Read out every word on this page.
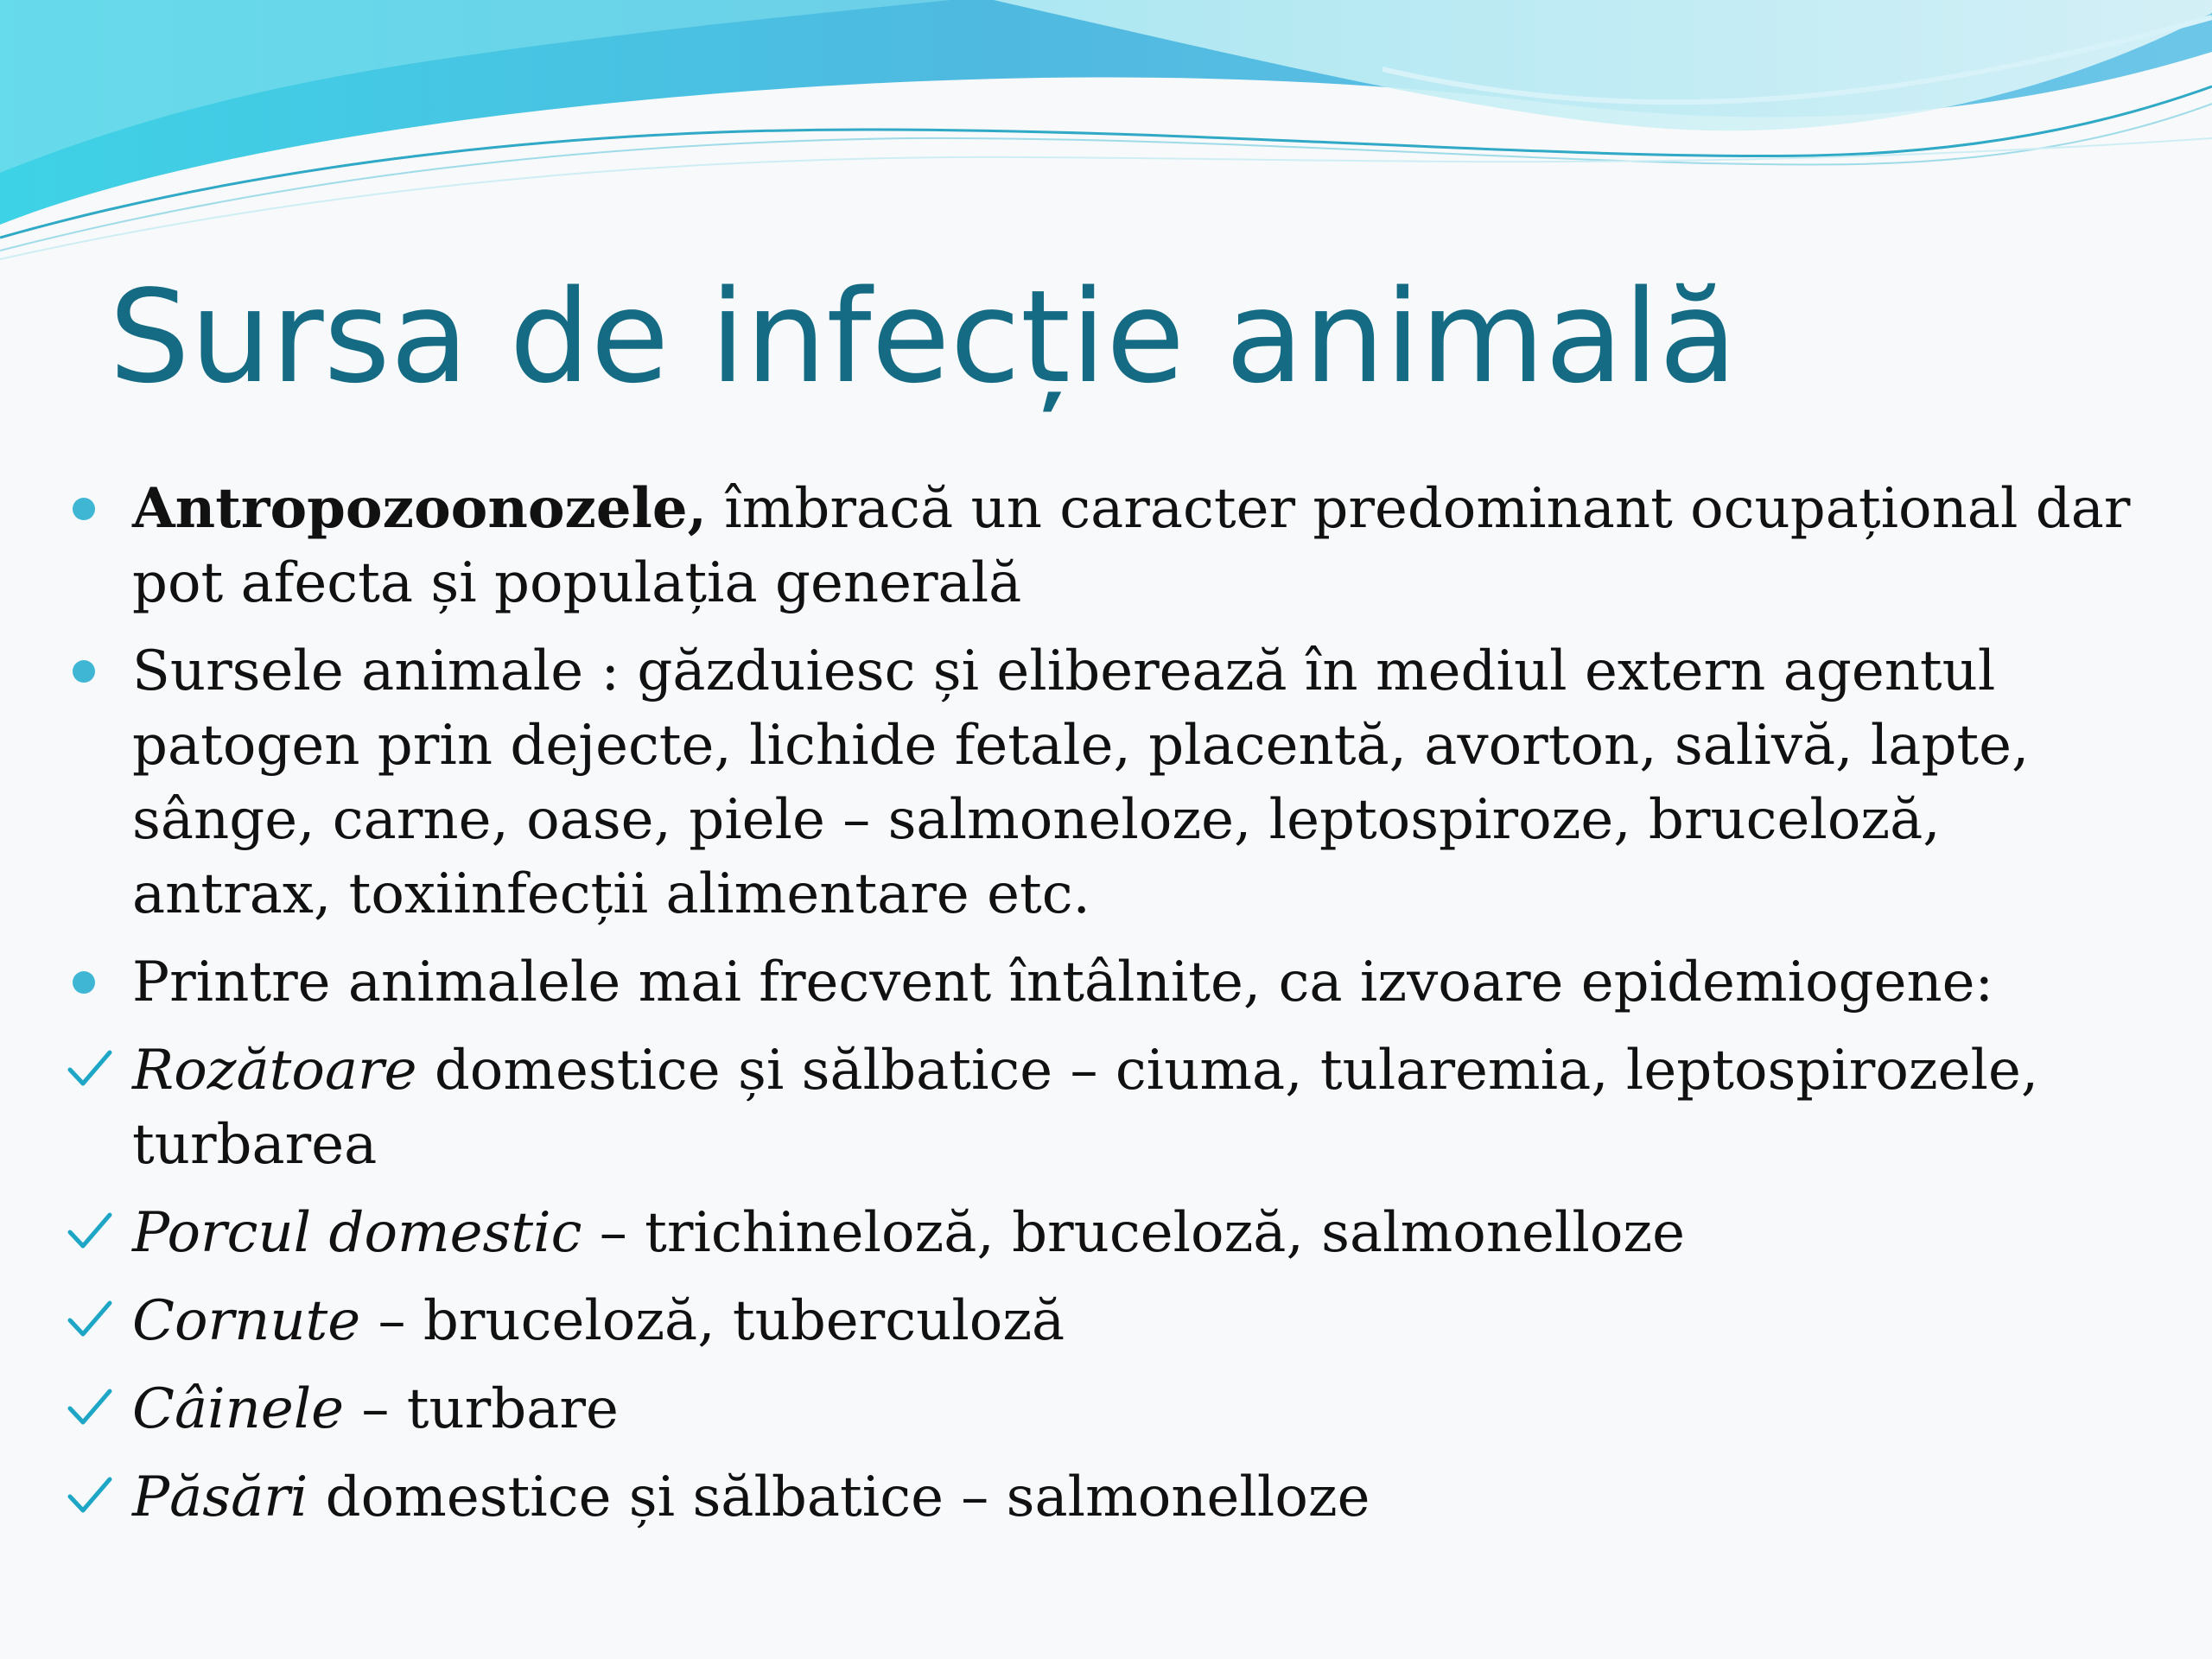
Sursa de infecție animală
Antropozoonozele, îmbracă un caracter predominant ocupațional dar pot afecta și populația generală
Sursele animale : găzduiesc și eliberează în mediul extern agentul patogen prin dejecte, lichide fetale, placentă, avorton, salivă, lapte, sânge, carne, oase, piele – salmoneloze, leptospiroze, bruceloză, antrax, toxiinfecții alimentare etc.
Printre animalele mai frecvent întâlnite, ca izvoare epidemiogene:
Rozătoare domestice și sălbatice – ciuma, tularemia, leptospirozele, turbarea
Porcul domestic – trichineloză, bruceloză, salmonelloze
Cornute – bruceloză, tuberculoză
Câinele – turbare
Păsări domestice și sălbatice – salmonelloze
